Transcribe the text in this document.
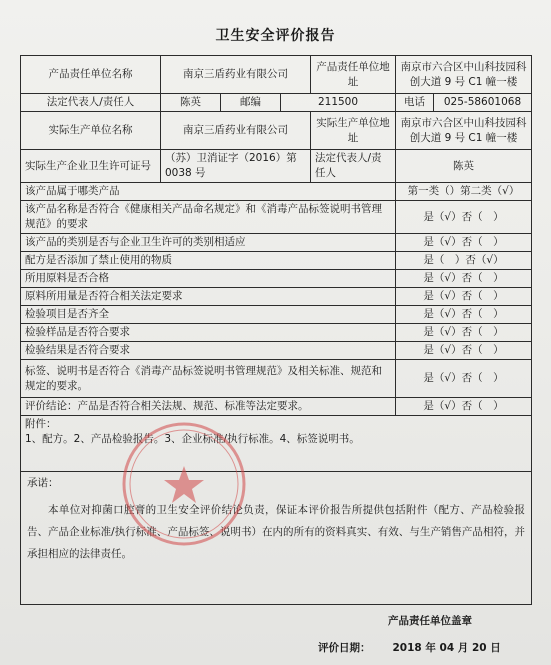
卫生安全评价报告
产品责任单位名称	南京三盾药业有限公司			产品责任单位地址	南京市六合区中山科技园科创大道 9 号 C1 幢一楼	
法定代表人/责任人	陈英	邮编	211500		电话	025-58601068
实际生产单位名称	南京三盾药业有限公司			实际生产单位地址	南京市六合区中山科技园科创大道 9 号 C1 幢一楼	
实际生产企业卫生许可证号	（苏）卫消证字（2016）第 0038 号			法定代表人/责任人	陈英	
该产品属于哪类产品					第一类（）第二类（√）	
该产品名称是否符合《健康相关产品命名规定》和《消毒产品标签说明书管理规范》的要求					是（√）否（　）	
该产品的类别是否与企业卫生许可的类别相适应					是（√）否（　）	
配方是否添加了禁止使用的物质					是（　）否（√）	
所用原料是否合格					是（√）否（　）	
原料所用量是否符合相关法定要求					是（√）否（　）	
检验项目是否齐全					是（√）否（　）	
检验样品是否符合要求					是（√）否（　）	
检验结果是否符合要求					是（√）否（　）	
标签、说明书是否符合《消毒产品标签说明书管理规范》及相关标准、规范和规定的要求。					是（√）否（　）	
评价结论：产品是否符合相关法规、规范、标准等法定要求。					是（√）否（　）	

附件：
1、配方。2、产品检验报告。3、企业标准/执行标准。4、标签说明书。						

承诺：
本单位对抑菌口腔膏的卫生安全评价结论负责，保证本评价报告所提供包括附件（配方、产品检验报告、产品企业标准/执行标准、产品标签、说明书）在内的所有的资料真实、有效、与生产销售产品相符，并承担相应的法律责任。						
产品责任单位盖章
评价日期： 2018 年 04 月 20 日
